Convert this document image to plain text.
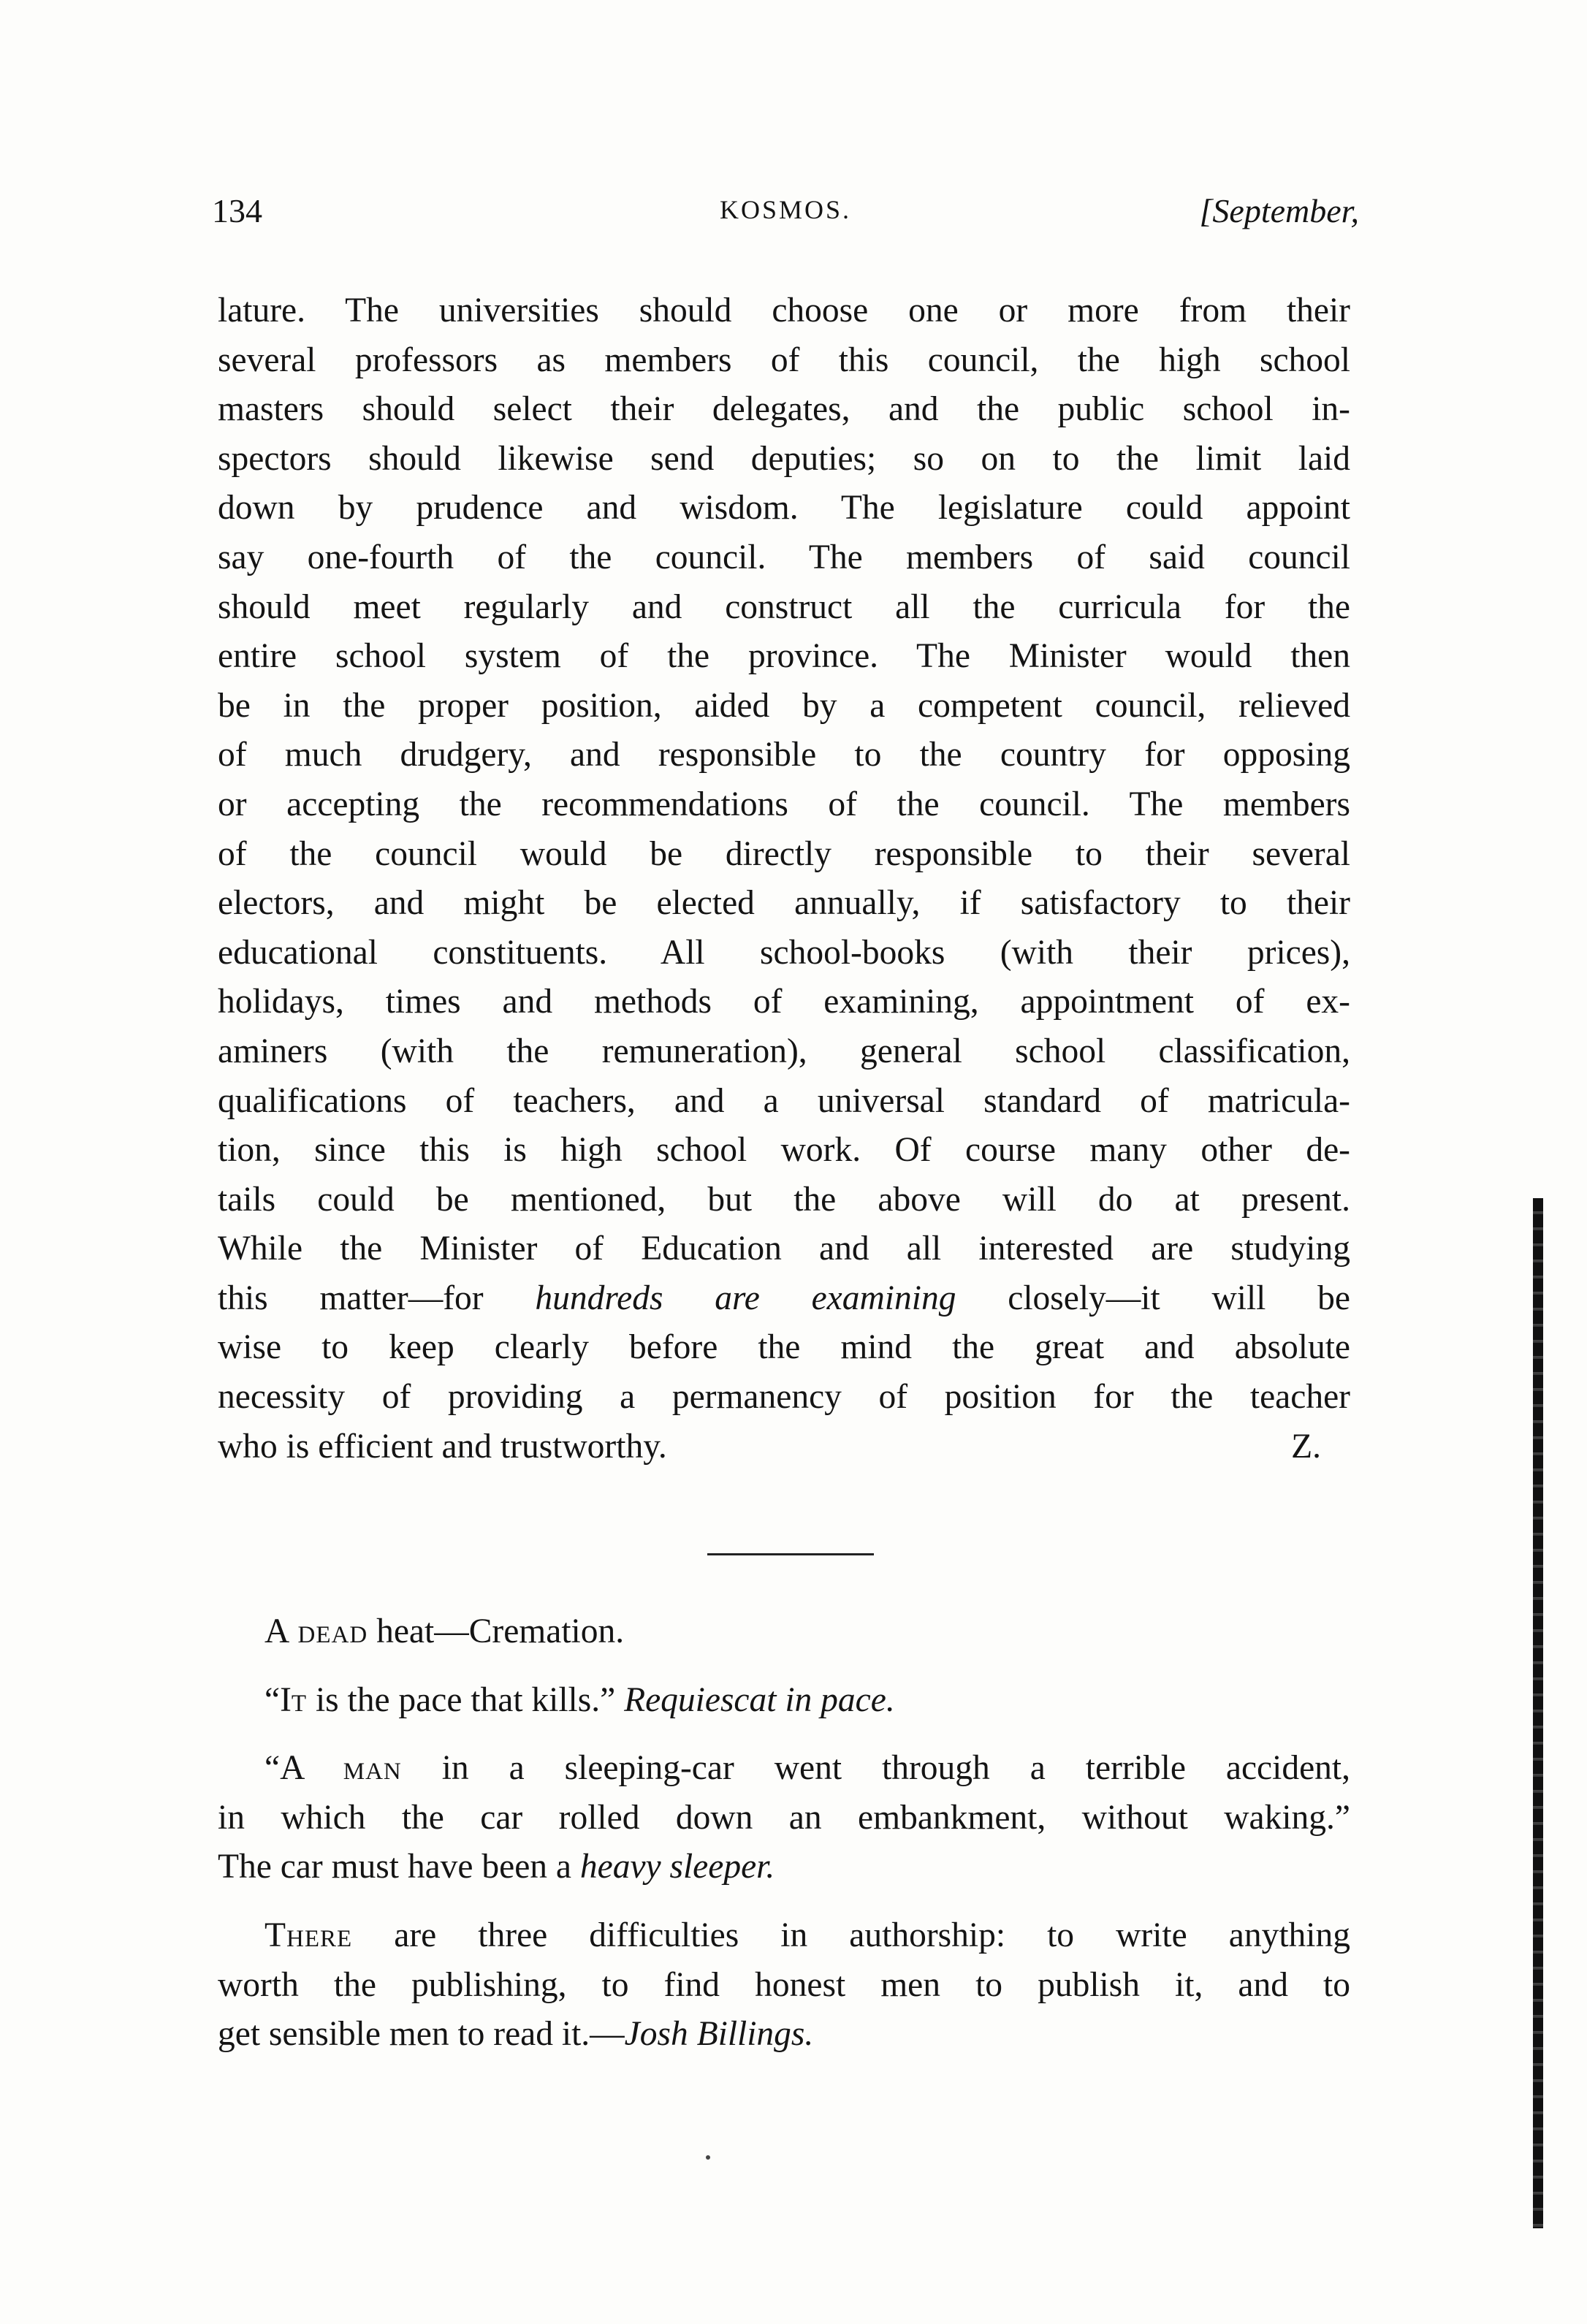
134	KOSMOS.	[September,
lature. The universities should choose one or more from their
several professors as members of this council, the high school
masters should select their delegates, and the public school in-
spectors should likewise send deputies; so on to the limit laid
down by prudence and wisdom. The legislature could appoint
say one-fourth of the council. The members of said council
should meet regularly and construct all the curricula for the
entire school system of the province. The Minister would then
be in the proper position, aided by a competent council, relieved
of much drudgery, and responsible to the country for opposing
or accepting the recommendations of the council. The members
of the council would be directly responsible to their several
electors, and might be elected annually, if satisfactory to their
educational constituents. All school-books (with their prices),
holidays, times and methods of examining, appointment of ex-
aminers (with the remuneration), general school classification,
qualifications of teachers, and a universal standard of matricula-
tion, since this is high school work. Of course many other de-
tails could be mentioned, but the above will do at present.
While the Minister of Education and all interested are studying
this matter—for hundreds are examining closely—it will be
wise to keep clearly before the mind the great and absolute
necessity of providing a permanency of position for the teacher
who is efficient and trustworthy.	Z.
A dead heat—Cremation.
“It is the pace that kills.” Requiescat in pace.
“A man in a sleeping-car went through a terrible accident,
in which the car rolled down an embankment, without waking.”
The car must have been a heavy sleeper.
There are three difficulties in authorship: to write anything
worth the publishing, to find honest men to publish it, and to
get sensible men to read it.—Josh Billings.
